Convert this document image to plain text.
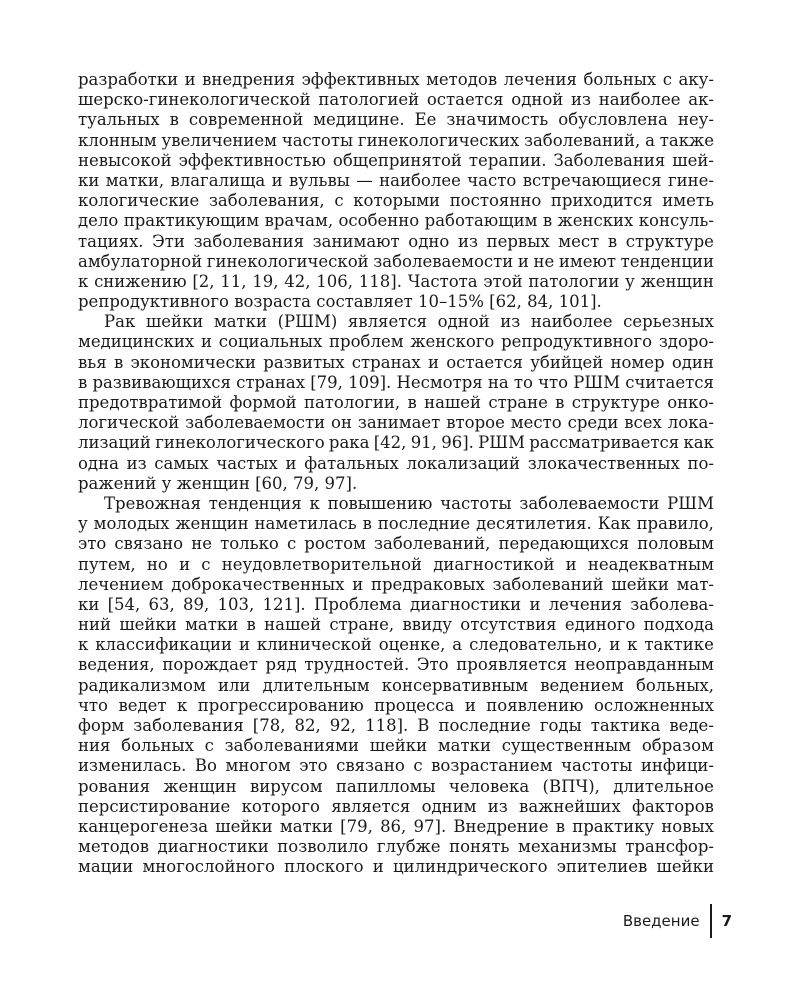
разработки и внедрения эффективных методов лечения больных с аку-
шерско-гинекологической патологией остается одной из наиболее ак-
туальных в современной медицине. Ее значимость обусловлена неу-
клонным увеличением частоты гинекологических заболеваний, а также
невысокой эффективностью общепринятой терапии. Заболевания шей-
ки матки, влагалища и вульвы — наиболее часто встречающиеся гине-
кологические заболевания, с которыми постоянно приходится иметь
дело практикующим врачам, особенно работающим в женских консуль-
тациях. Эти заболевания занимают одно из первых мест в структуре
амбулаторной гинекологической заболеваемости и не имеют тенденции
к снижению [2, 11, 19, 42, 106, 118]. Частота этой патологии у женщин
репродуктивного возраста составляет 10–15% [62, 84, 101].
Рак шейки матки (РШМ) является одной из наиболее серьезных
медицинских и социальных проблем женского репродуктивного здоро-
вья в экономически развитых странах и остается убийцей номер один
в развивающихся странах [79, 109]. Несмотря на то что РШМ считается
предотвратимой формой патологии, в нашей стране в структуре онко-
логической заболеваемости он занимает второе место среди всех лока-
лизаций гинекологического рака [42, 91, 96]. РШМ рассматривается как
одна из самых частых и фатальных локализаций злокачественных по-
ражений у женщин [60, 79, 97].
Тревожная тенденция к повышению частоты заболеваемости РШМ
у молодых женщин наметилась в последние десятилетия. Как правило,
это связано не только с ростом заболеваний, передающихся половым
путем, но и с неудовлетворительной диагностикой и неадекватным
лечением доброкачественных и предраковых заболеваний шейки мат-
ки [54, 63, 89, 103, 121]. Проблема диагностики и лечения заболева-
ний шейки матки в нашей стране, ввиду отсутствия единого подхода
к классификации и клинической оценке, а следовательно, и к тактике
ведения, порождает ряд трудностей. Это проявляется неоправданным
радикализмом или длительным консервативным ведением больных,
что ведет к прогрессированию процесса и появлению осложненных
форм заболевания [78, 82, 92, 118]. В последние годы тактика веде-
ния больных с заболеваниями шейки матки существенным образом
изменилась. Во многом это связано с возрастанием частоты инфици-
рования женщин вирусом папилломы человека (ВПЧ), длительное
персистирование которого является одним из важнейших факторов
канцерогенеза шейки матки [79, 86, 97]. Внедрение в практику новых
методов диагностики позволило глубже понять механизмы трансфор-
мации многослойного плоского и цилиндрического эпителиев шейки
Введение 7
